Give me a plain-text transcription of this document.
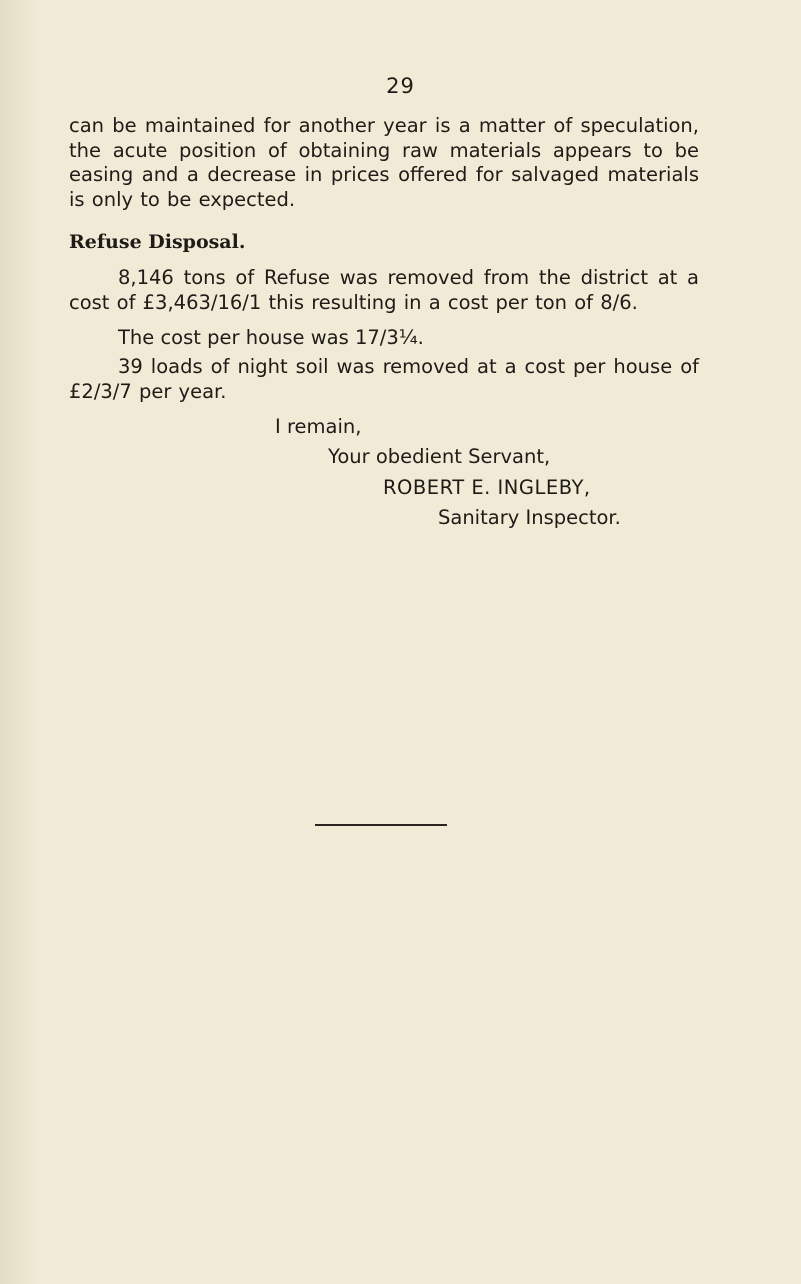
29
can be maintained for another year is a matter of speculation, the acute position of obtaining raw materials appears to be easing and a decrease in prices offered for salvaged materials is only to be expected.
Refuse Disposal.
8,146 tons of Refuse was removed from the district at a cost of £3,463/16/1 this resulting in a cost per ton of 8/6.
The cost per house was 17/3¼.
39 loads of night soil was removed at a cost per house of £2/3/7 per year.
I remain,
Your obedient Servant,
ROBERT E. INGLEBY,
Sanitary Inspector.
